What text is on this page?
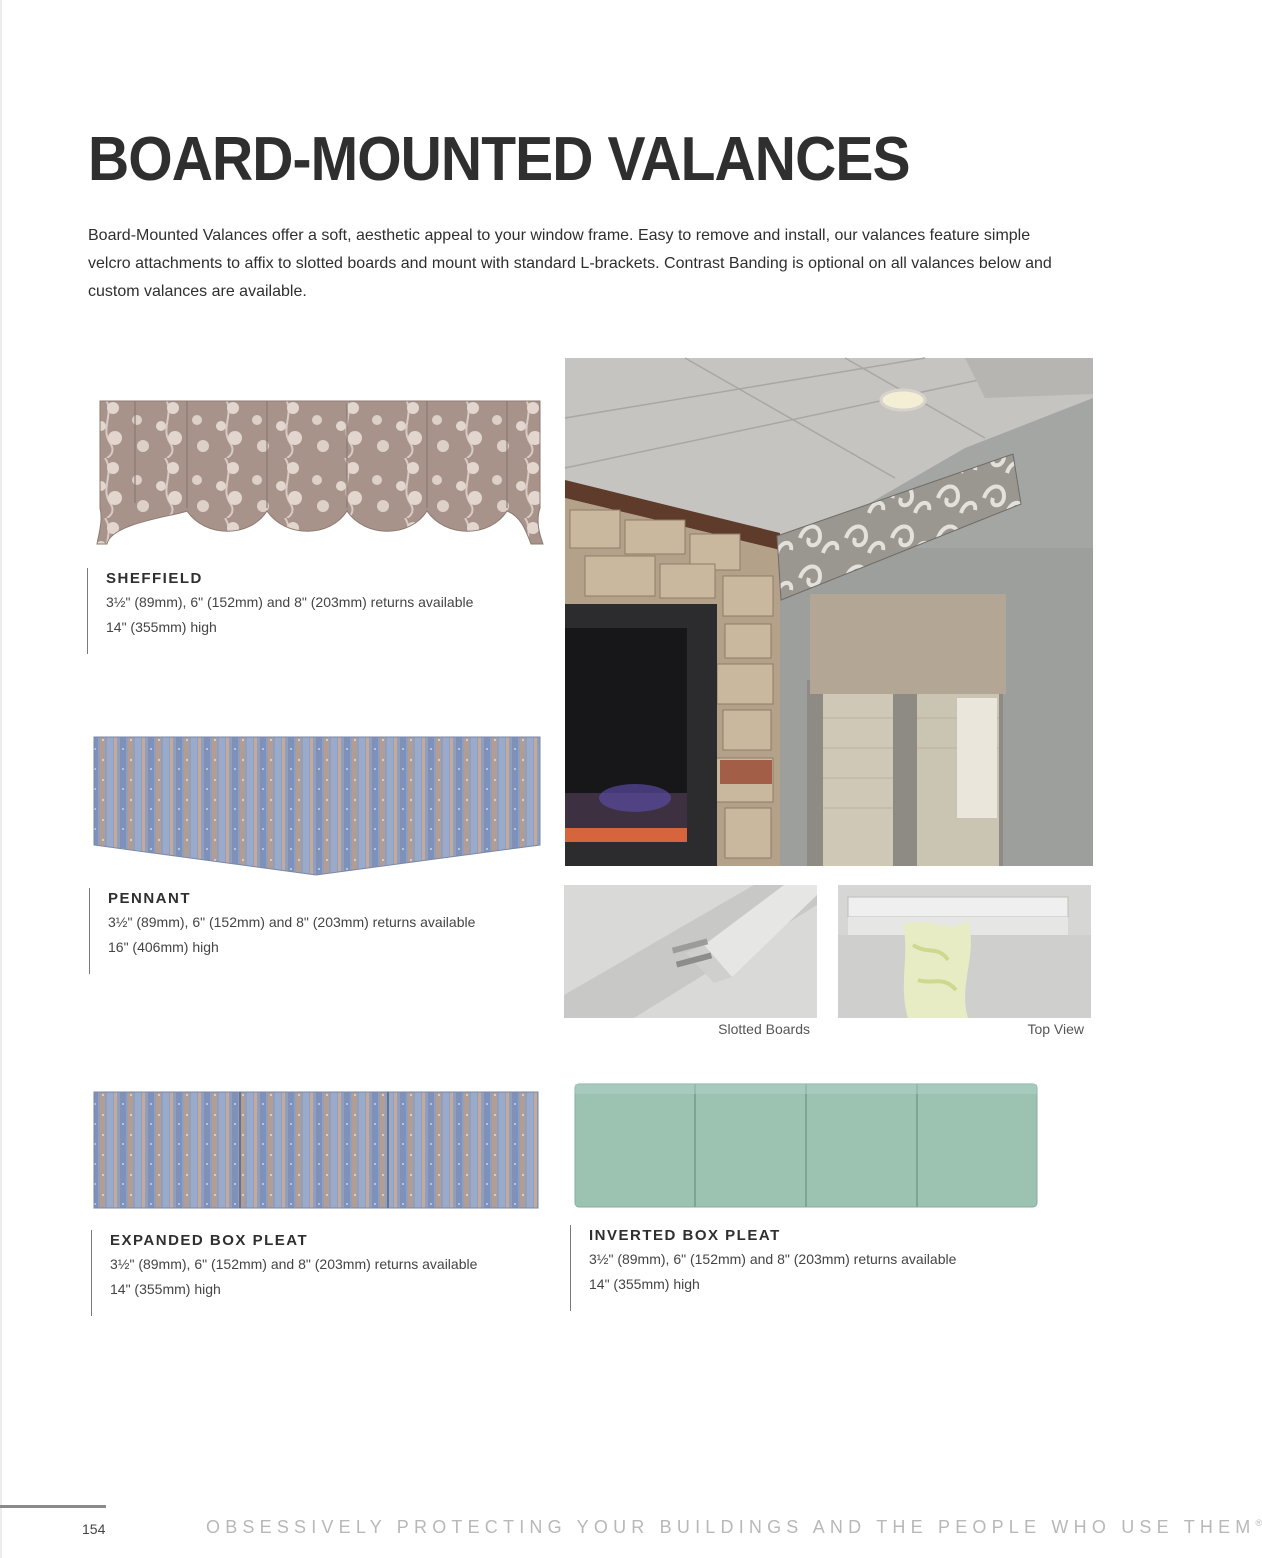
BOARD-MOUNTED VALANCES
Board-Mounted Valances offer a soft, aesthetic appeal to your window frame. Easy to remove and install, our valances feature simple velcro attachments to affix to slotted boards and mount with standard L-brackets. Contrast Banding is optional on all valances below and custom valances are available.
SHEFFIELD
3½" (89mm), 6" (152mm) and 8" (203mm) returns available
14" (355mm) high
PENNANT
3½" (89mm), 6" (152mm) and 8" (203mm) returns available
16" (406mm) high
Slotted Boards	Top View
EXPANDED BOX PLEAT
3½" (89mm), 6" (152mm) and 8" (203mm) returns available
14" (355mm) high
INVERTED BOX PLEAT
3½" (89mm), 6" (152mm) and 8" (203mm) returns available
14" (355mm) high
154	OBSESSIVELY PROTECTING YOUR BUILDINGS AND THE PEOPLE WHO USE THEM®
